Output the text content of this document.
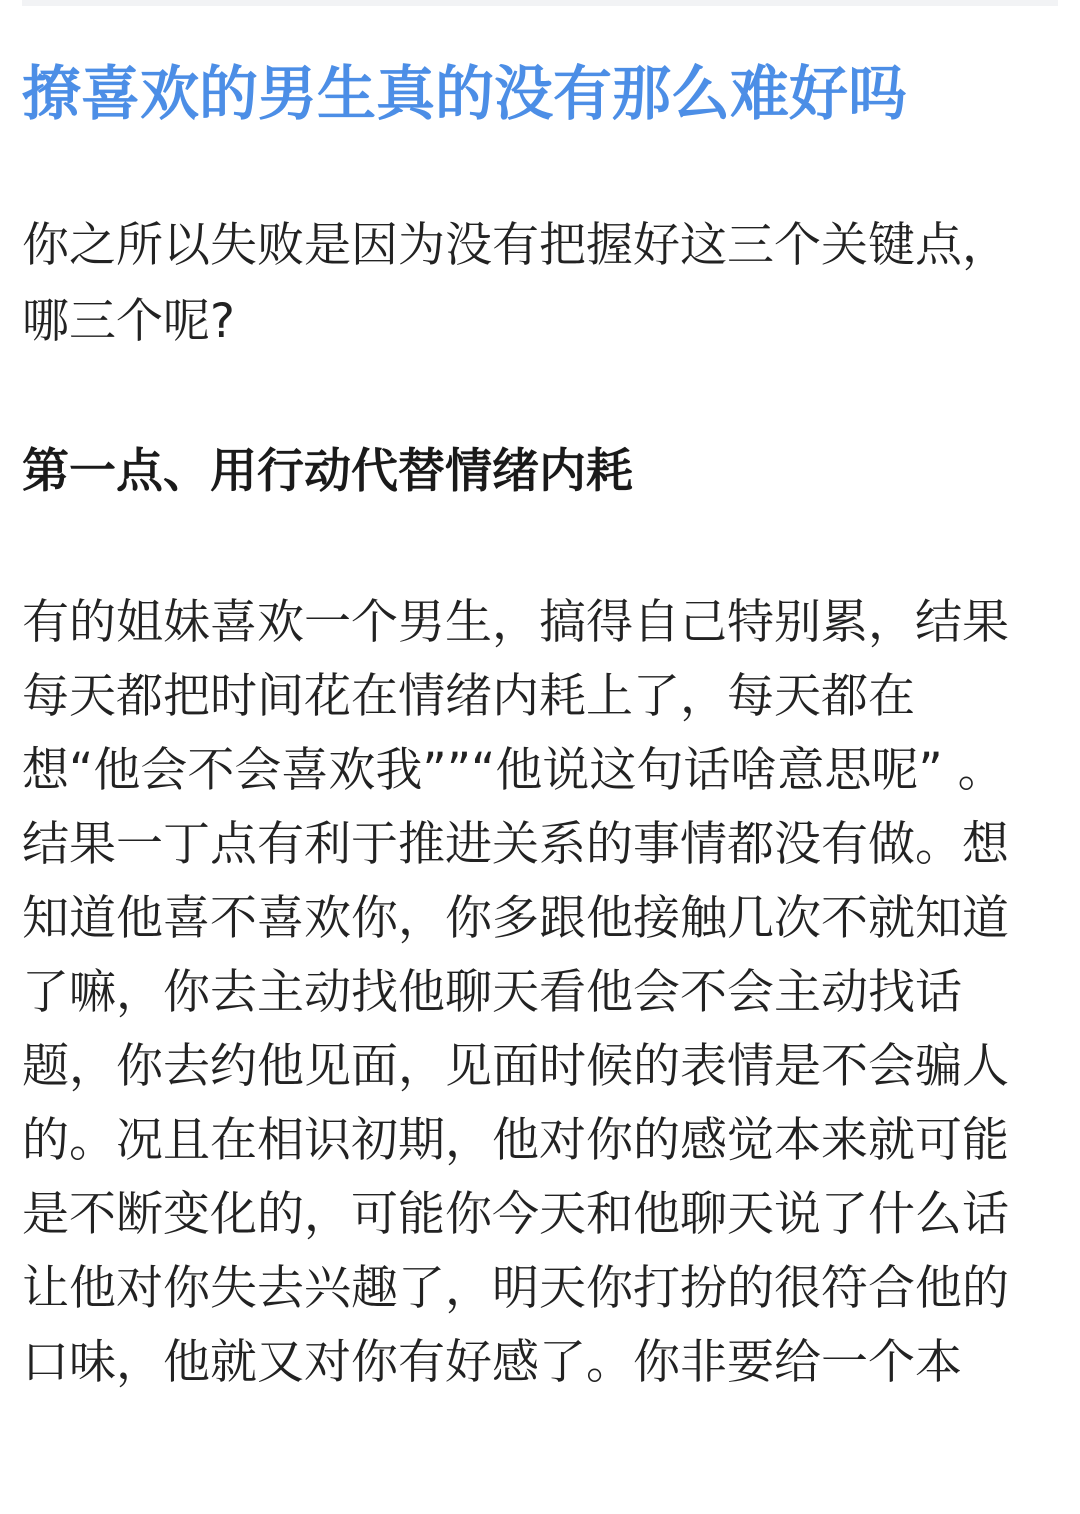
撩喜欢的男生真的没有那么难好吗

你之所以失败是因为没有把握好这三个关键点，哪三个呢?

第一点、用行动代替情绪内耗

有的姐妹喜欢一个男生，搞得自己特别累，结果每天都把时间花在情绪内耗上了，每天都在想“他会不会喜欢我””“他说这句话啥意思呢” 。结果一丁点有利于推进关系的事情都没有做。想知道他喜不喜欢你，你多跟他接触几次不就知道了嘛，你去主动找他聊天看他会不会主动找话题，你去约他见面，见面时候的表情是不会骗人的。况且在相识初期，他对你的感觉本来就可能是不断变化的，可能你今天和他聊天说了什么话让他对你失去兴趣了，明天你打扮的很符合他的口味，他就又对你有好感了。你非要给一个本
